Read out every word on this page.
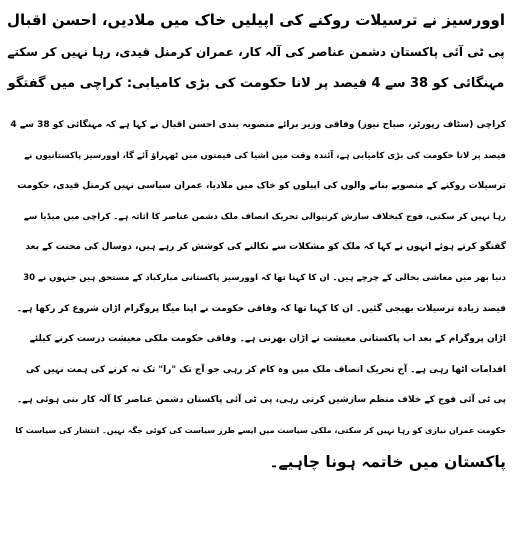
اوورسیز نے ترسیلات روکنے کی اپیلیں خاک میں ملادیں، احسن اقبال

پی ٹی آئی پاکستان دشمن عناصر کی آلہ کار، عمران کرمنل قیدی، رہا نہیں کر سکتے

مہنگائی کو 38 سے 4 فیصد پر لانا حکومت کی بڑی کامیابی: کراچی میں گفتگو

کراچی (سٹاف رپورٹر، صباح نیوز) وفاقی وزیر برائے منصوبہ بندی احسن اقبال نے کہا ہے کہ مہنگائی کو 38 سے 4

فیصد پر لانا حکومت کی بڑی کامیابی ہے، آئندہ وقت میں اشیا کی قیمتوں میں ٹھہراؤ آئے گا، اوورسیز پاکستانیوں نے

ترسیلات روکنے کے منصوبے بنانے والوں کی اپیلوں کو خاک میں ملادیا، عمران سیاسی نہیں کرمنل قیدی، حکومت

رہا نہیں کر سکتی، فوج کیخلاف سازش کرنیوالی تحریک انصاف ملک دشمن عناصر کا اثاثہ ہے۔ کراچی میں میڈیا سے

گفتگو کرتے ہوئے انہوں نے کہا کہ ملک کو مشکلات سے نکالنے کی کوشش کر رہے ہیں، دوسال کی محنت کے بعد

دنیا بھر میں معاشی بحالی کے چرچے ہیں۔ ان کا کہنا تھا کہ اوورسیز پاکستانی مبارکباد کے مستحق ہیں جنہوں نے 30

فیصد زیادہ ترسیلات بھیجی گئیں۔ ان کا کہنا تھا کہ وفاقی حکومت نے اپنا میگا پروگرام اڑان شروع کر رکھا ہے۔

اڑان پروگرام کے بعد اب پاکستانی معیشت نے اڑان بھرنی ہے۔ وفاقی حکومت ملکی معیشت درست کرنے کیلئے

اقدامات اٹھا رہی ہے۔ آج تحریک انصاف ملک میں وہ کام کر رہی جو آج تک "را" تک نہ کرنے کی ہمت نہیں کی

پی ٹی آئی فوج کے خلاف منظم سازشیں کرتی رہی، پی ٹی آئی پاکستان دشمن عناصر کا آلہ کار بنی ہوئی ہے۔

حکومت عمران نیازی کو رہا نہیں کر سکتی، ملکی سیاست میں ایسے طرز سیاست کی کوئی جگہ نہیں۔ انتشار کی سیاست کا

پاکستان میں خاتمہ ہونا چاہیے۔
